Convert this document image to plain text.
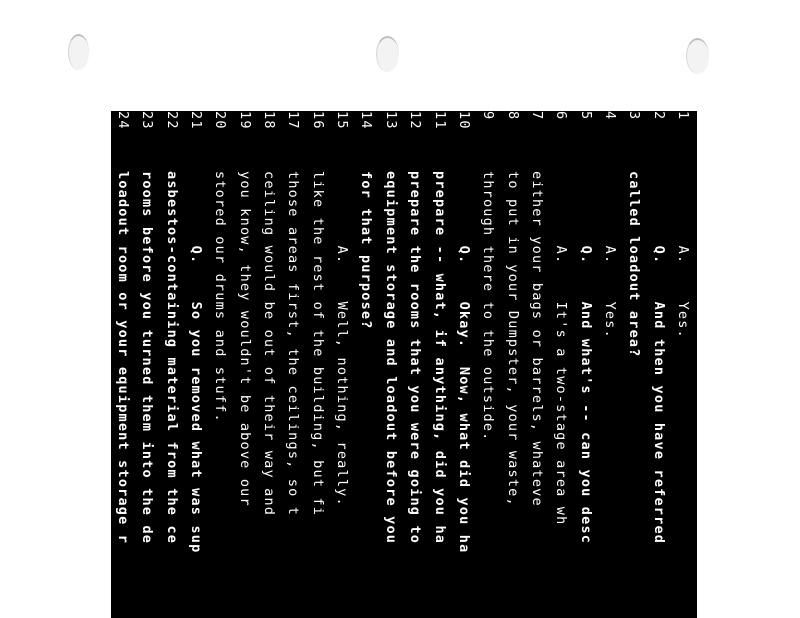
1        A.    Yes.
2        Q.    And then you have referred
3called loadout area?
4        A.    Yes.
5        Q.    And what's -- can you desc
6        A.    It's a two-stage area wh
7either your bags or barrels, whateve
8to put in your Dumpster, your waste,
9through there to the outside.
10        Q.    Okay.  Now, what did you ha
11prepare -- what, if anything, did you ha
12prepare the rooms that you were going to
13equipment storage and loadout before you
14for that purpose?
15        A.    Well, nothing, really.
16like the rest of the building, but fi
17those areas first, the ceilings, so t
18ceiling would be out of their way and
19you know, they wouldn't be above our
20stored our drums and stuff.
21        Q.    So you removed what was sup
22asbestos-containing material from the ce
23rooms before you turned them into the de
24loadout room or your equipment storage r
